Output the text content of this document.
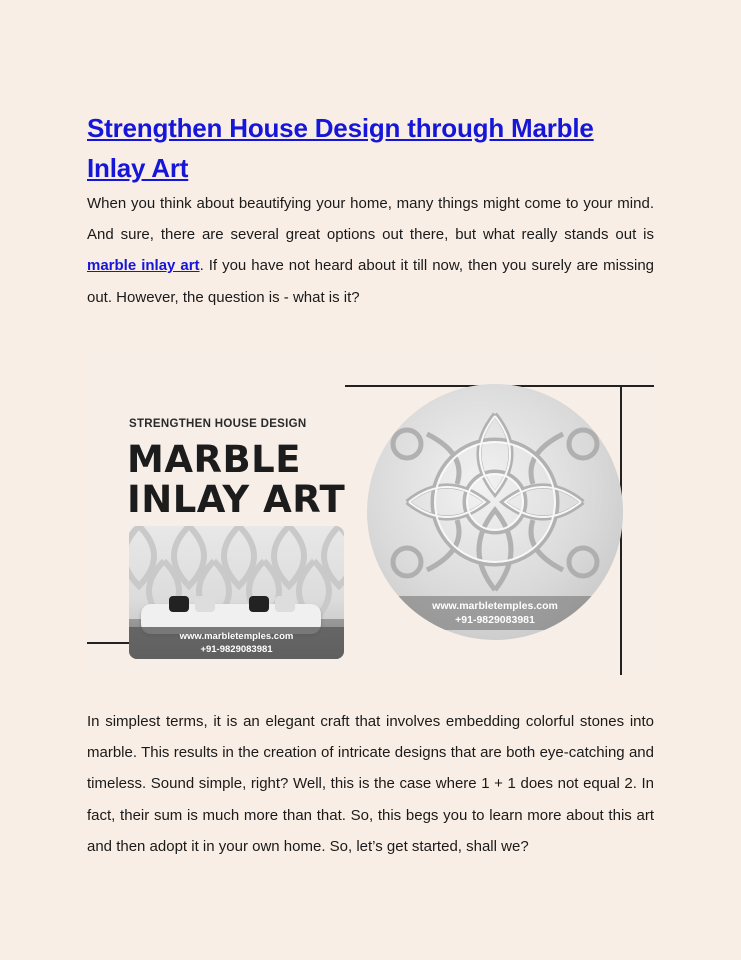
Strengthen House Design through Marble Inlay Art

When you think about beautifying your home, many things might come to your mind. And sure, there are several great options out there, but what really stands out is marble inlay art. If you have not heard about it till now, then you surely are missing out. However, the question is - what is it?

STRENGTHEN HOUSE DESIGN
MARBLE
INLAY ART
www.marbletemples.com
+91-9829083981
www.marbletemples.com
+91-9829083981

In simplest terms, it is an elegant craft that involves embedding colorful stones into marble. This results in the creation of intricate designs that are both eye-catching and timeless. Sound simple, right? Well, this is the case where 1 + 1 does not equal 2. In fact, their sum is much more than that. So, this begs you to learn more about this art and then adopt it in your own home. So, let’s get started, shall we?
